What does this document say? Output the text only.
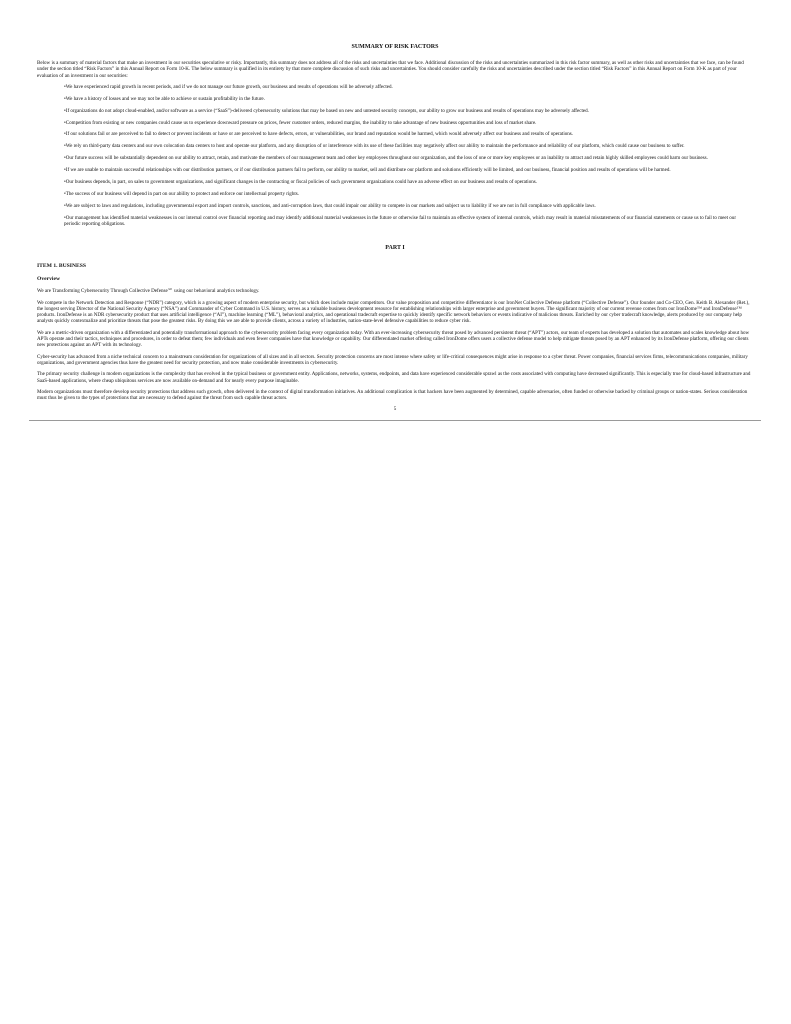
SUMMARY OF RISK FACTORS

Below is a summary of material factors that make an investment in our securities speculative or risky. Importantly, this summary does not address all of the risks and uncertainties that we face. Additional discussion of the risks and uncertainties summarized in this risk factor summary, as well as other risks and uncertainties that we face, can be found under the section titled “Risk Factors” in this Annual Report on Form 10-K. The below summary is qualified in its entirety by that more complete discussion of such risks and uncertainties. You should consider carefully the risks and uncertainties described under the section titled “Risk Factors” in this Annual Report on Form 10-K as part of your evaluation of an investment in our securities:

•We have experienced rapid growth in recent periods, and if we do not manage our future growth, our business and results of operations will be adversely affected.

•We have a history of losses and we may not be able to achieve or sustain profitability in the future.

•If organizations do not adopt cloud-enabled, and/or software as a service (“SaaS”)-delivered cybersecurity solutions that may be based on new and untested security concepts, our ability to grow our business and results of operations may be adversely affected.

•Competition from existing or new companies could cause us to experience downward pressure on prices, fewer customer orders, reduced margins, the inability to take advantage of new business opportunities and loss of market share.

•If our solutions fail or are perceived to fail to detect or prevent incidents or have or are perceived to have defects, errors, or vulnerabilities, our brand and reputation would be harmed, which would adversely affect our business and results of operations.

•We rely on third-party data centers and our own colocation data centers to host and operate our platform, and any disruption of or interference with its use of these facilities may negatively affect our ability to maintain the performance and reliability of our platform, which could cause our business to suffer.

•Our future success will be substantially dependent on our ability to attract, retain, and motivate the members of our management team and other key employees throughout our organization, and the loss of one or more key employees or an inability to attract and retain highly skilled employees could harm our business.

•If we are unable to maintain successful relationships with our distribution partners, or if our distribution partners fail to perform, our ability to market, sell and distribute our platform and solutions efficiently will be limited, and our business, financial position and results of operations will be harmed.

•Our business depends, in part, on sales to government organizations, and significant changes in the contracting or fiscal policies of such government organizations could have an adverse effect on our business and results of operations.

•The success of our business will depend in part on our ability to protect and enforce our intellectual property rights.

•We are subject to laws and regulations, including governmental export and import controls, sanctions, and anti-corruption laws, that could impair our ability to compete in our markets and subject us to liability if we are not in full compliance with applicable laws.

•Our management has identified material weaknesses in our internal control over financial reporting and may identify additional material weaknesses in the future or otherwise fail to maintain an effective system of internal controls, which may result in material misstatements of our financial statements or cause us to fail to meet our periodic reporting obligations.

PART I
ITEM 1. BUSINESS
Overview

We are Transforming Cybersecurity Through Collective Defense℠ using our behavioral analytics technology.

We compete in the Network Detection and Response (“NDR”) category, which is a growing aspect of modern enterprise security, but which does include major competitors. Our value proposition and competitive differentiator is our IronNet Collective Defense platform (“Collective Defense”). Our founder and Co-CEO, Gen. Keith B. Alexander (Ret.), the longest serving Director of the National Security Agency (“NSA”) and Commander of Cyber Command in U.S. history, serves as a valuable business development resource for establishing relationships with larger enterprise and government buyers. The significant majority of our current revenue comes from our IronDome™ and IronDefense™ products. IronDefense is an NDR cybersecurity product that uses artificial intelligence (“AI”), machine learning (“ML”), behavioral analytics, and operational tradecraft expertise to quickly identify specific network behaviors or events indicative of malicious threats. Enriched by our cyber tradecraft knowledge, alerts produced by our company help analysts quickly contextualize and prioritize threats that pose the greatest risks. By doing this we are able to provide clients, across a variety of industries, nation-state-level defensive capabilities to reduce cyber risk.

We are a metric-driven organization with a differentiated and potentially transformational approach to the cybersecurity problem facing every organization today. With an ever-increasing cybersecurity threat posed by advanced persistent threat (“APT”) actors, our team of experts has developed a solution that automates and scales knowledge about how APTs operate and their tactics, techniques and procedures, in order to defeat them; few individuals and even fewer companies have that knowledge or capability. Our differentiated market offering called IronDome offers users a collective defense model to help mitigate threats posed by an APT enhanced by its IronDefense platform, offering our clients new protections against an APT with its technology.

Cyber-security has advanced from a niche technical concern to a mainstream consideration for organizations of all sizes and in all sectors. Security protection concerns are most intense where safety or life-critical consequences might arise in response to a cyber threat. Power companies, financial services firms, telecommunications companies, military organizations, and government agencies thus have the greatest need for security protection, and now make considerable investments in cybersecurity.

The primary security challenge in modern organizations is the complexity that has evolved in the typical business or government entity. Applications, networks, systems, endpoints, and data have experienced considerable sprawl as the costs associated with computing have decreased significantly. This is especially true for cloud-based infrastructure and SaaS-based applications, where cheap ubiquitous services are now available on-demand and for nearly every purpose imaginable.

Modern organizations must therefore develop security protections that address such growth, often delivered in the context of digital transformation initiatives. An additional complication is that hackers have been augmented by determined, capable adversaries, often funded or otherwise backed by criminal groups or nation-states. Serious consideration must thus be given to the types of protections that are necessary to defend against the threat from such capable threat actors.

5
